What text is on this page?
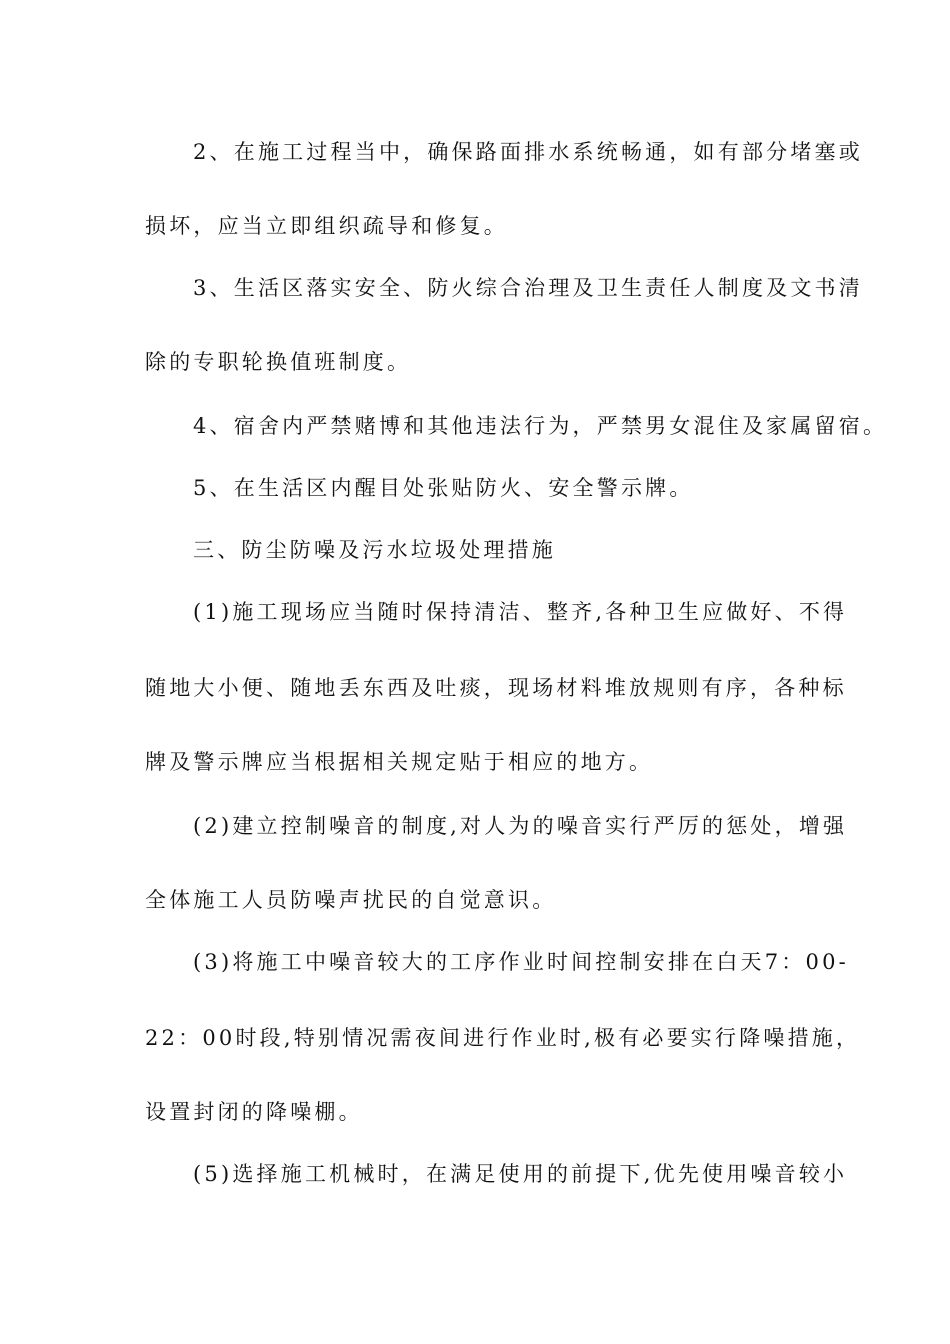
2、在施工过程当中，确保路面排水系统畅通，如有部分堵塞或
损坏，应当立即组织疏导和修复。
3、生活区落实安全、防火综合治理及卫生责任人制度及文书清
除的专职轮换值班制度。
4、宿舍内严禁赌博和其他违法行为，严禁男女混住及家属留宿。
5、在生活区内醒目处张贴防火、安全警示牌。
三、防尘防噪及污水垃圾处理措施
(1)施工现场应当随时保持清洁、整齐,各种卫生应做好、不得
随地大小便、随地丢东西及吐痰，现场材料堆放规则有序，各种标
牌及警示牌应当根据相关规定贴于相应的地方。
(2)建立控制噪音的制度,对人为的噪音实行严厉的惩处，增强
全体施工人员防噪声扰民的自觉意识。
(3)将施工中噪音较大的工序作业时间控制安排在白天7：00-
22：00时段,特别情况需夜间进行作业时,极有必要实行降噪措施，
设置封闭的降噪棚。
(5)选择施工机械时，在满足使用的前提下,优先使用噪音较小
